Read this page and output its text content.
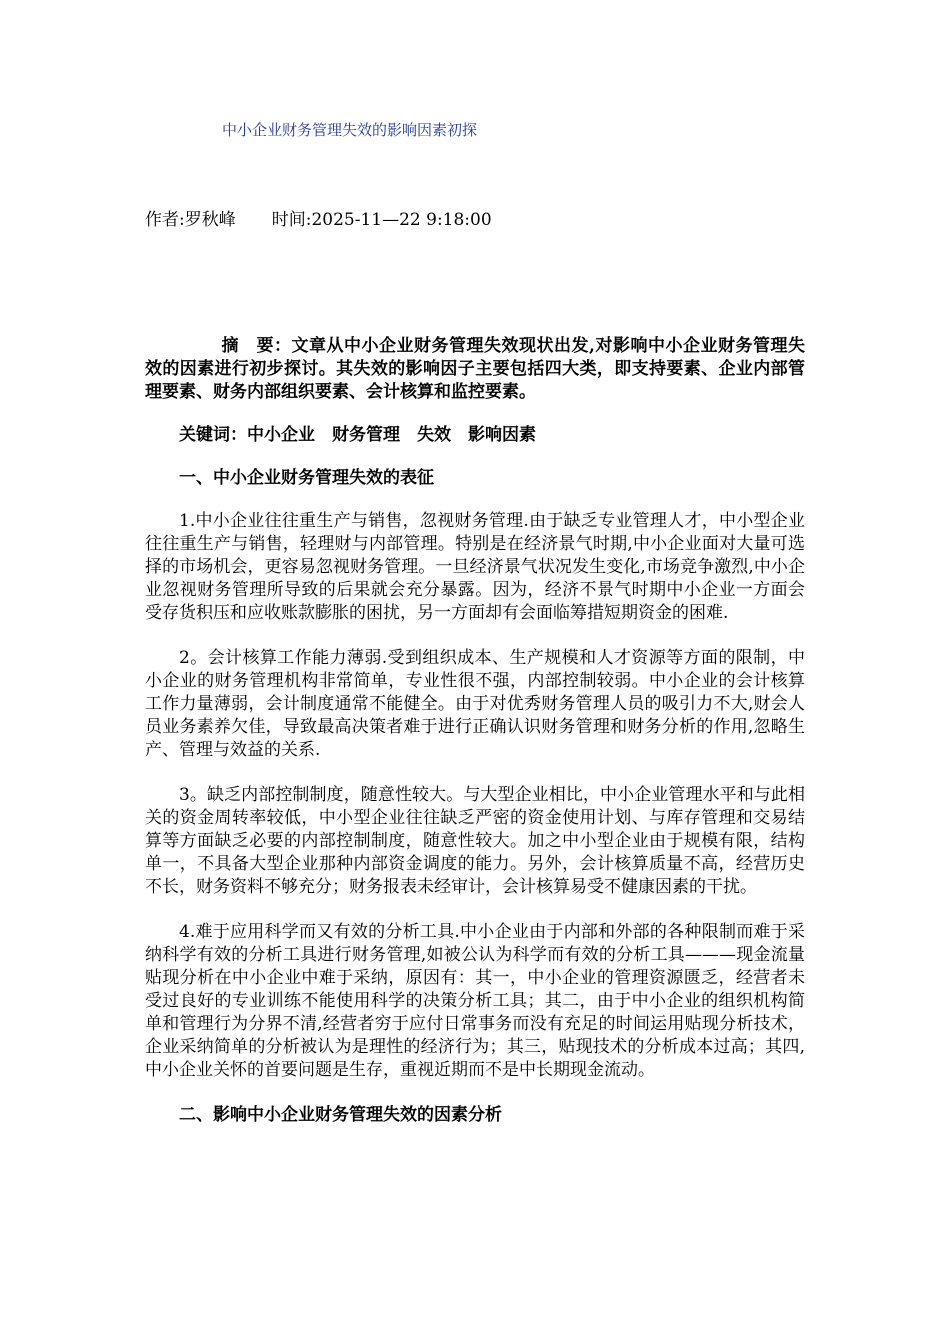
中小企业财务管理失效的影响因素初探
作者:罗秋峰 时间:2025-11—22 9:18:00

摘　要：文章从中小企业财务管理失效现状出发,对影响中小企业财务管理失效的因素进行初步探讨。其失效的影响因子主要包括四大类，即支持要素、企业内部管理要素、财务内部组织要素、会计核算和监控要素。

关键词：中小企业 财务管理 失效 影响因素

一、中小企业财务管理失效的表征

1.中小企业往往重生产与销售，忽视财务管理.由于缺乏专业管理人才，中小型企业往往重生产与销售，轻理财与内部管理。特别是在经济景气时期,中小企业面对大量可选择的市场机会，更容易忽视财务管理。一旦经济景气状况发生变化,市场竞争激烈,中小企业忽视财务管理所导致的后果就会充分暴露。因为，经济不景气时期中小企业一方面会受存货积压和应收账款膨胀的困扰，另一方面却有会面临筹措短期资金的困难.

2。会计核算工作能力薄弱.受到组织成本、生产规模和人才资源等方面的限制，中小企业的财务管理机构非常简单，专业性很不强，内部控制较弱。中小企业的会计核算工作力量薄弱，会计制度通常不能健全。由于对优秀财务管理人员的吸引力不大,财会人员业务素养欠佳，导致最高决策者难于进行正确认识财务管理和财务分析的作用,忽略生产、管理与效益的关系.

3。缺乏内部控制制度，随意性较大。与大型企业相比，中小企业管理水平和与此相关的资金周转率较低，中小型企业往往缺乏严密的资金使用计划、与库存管理和交易结算等方面缺乏必要的内部控制制度，随意性较大。加之中小型企业由于规模有限，结构单一，不具备大型企业那种内部资金调度的能力。另外，会计核算质量不高，经营历史不长，财务资料不够充分；财务报表未经审计，会计核算易受不健康因素的干扰。

4.难于应用科学而又有效的分析工具.中小企业由于内部和外部的各种限制而难于采纳科学有效的分析工具进行财务管理,如被公认为科学而有效的分析工具———现金流量贴现分析在中小企业中难于采纳，原因有：其一，中小企业的管理资源匮乏，经营者未受过良好的专业训练不能使用科学的决策分析工具；其二，由于中小企业的组织机构简单和管理行为分界不清,经营者穷于应付日常事务而没有充足的时间运用贴现分析技术，企业采纳简单的分析被认为是理性的经济行为；其三，贴现技术的分析成本过高；其四,中小企业关怀的首要问题是生存，重视近期而不是中长期现金流动。

二、影响中小企业财务管理失效的因素分析
